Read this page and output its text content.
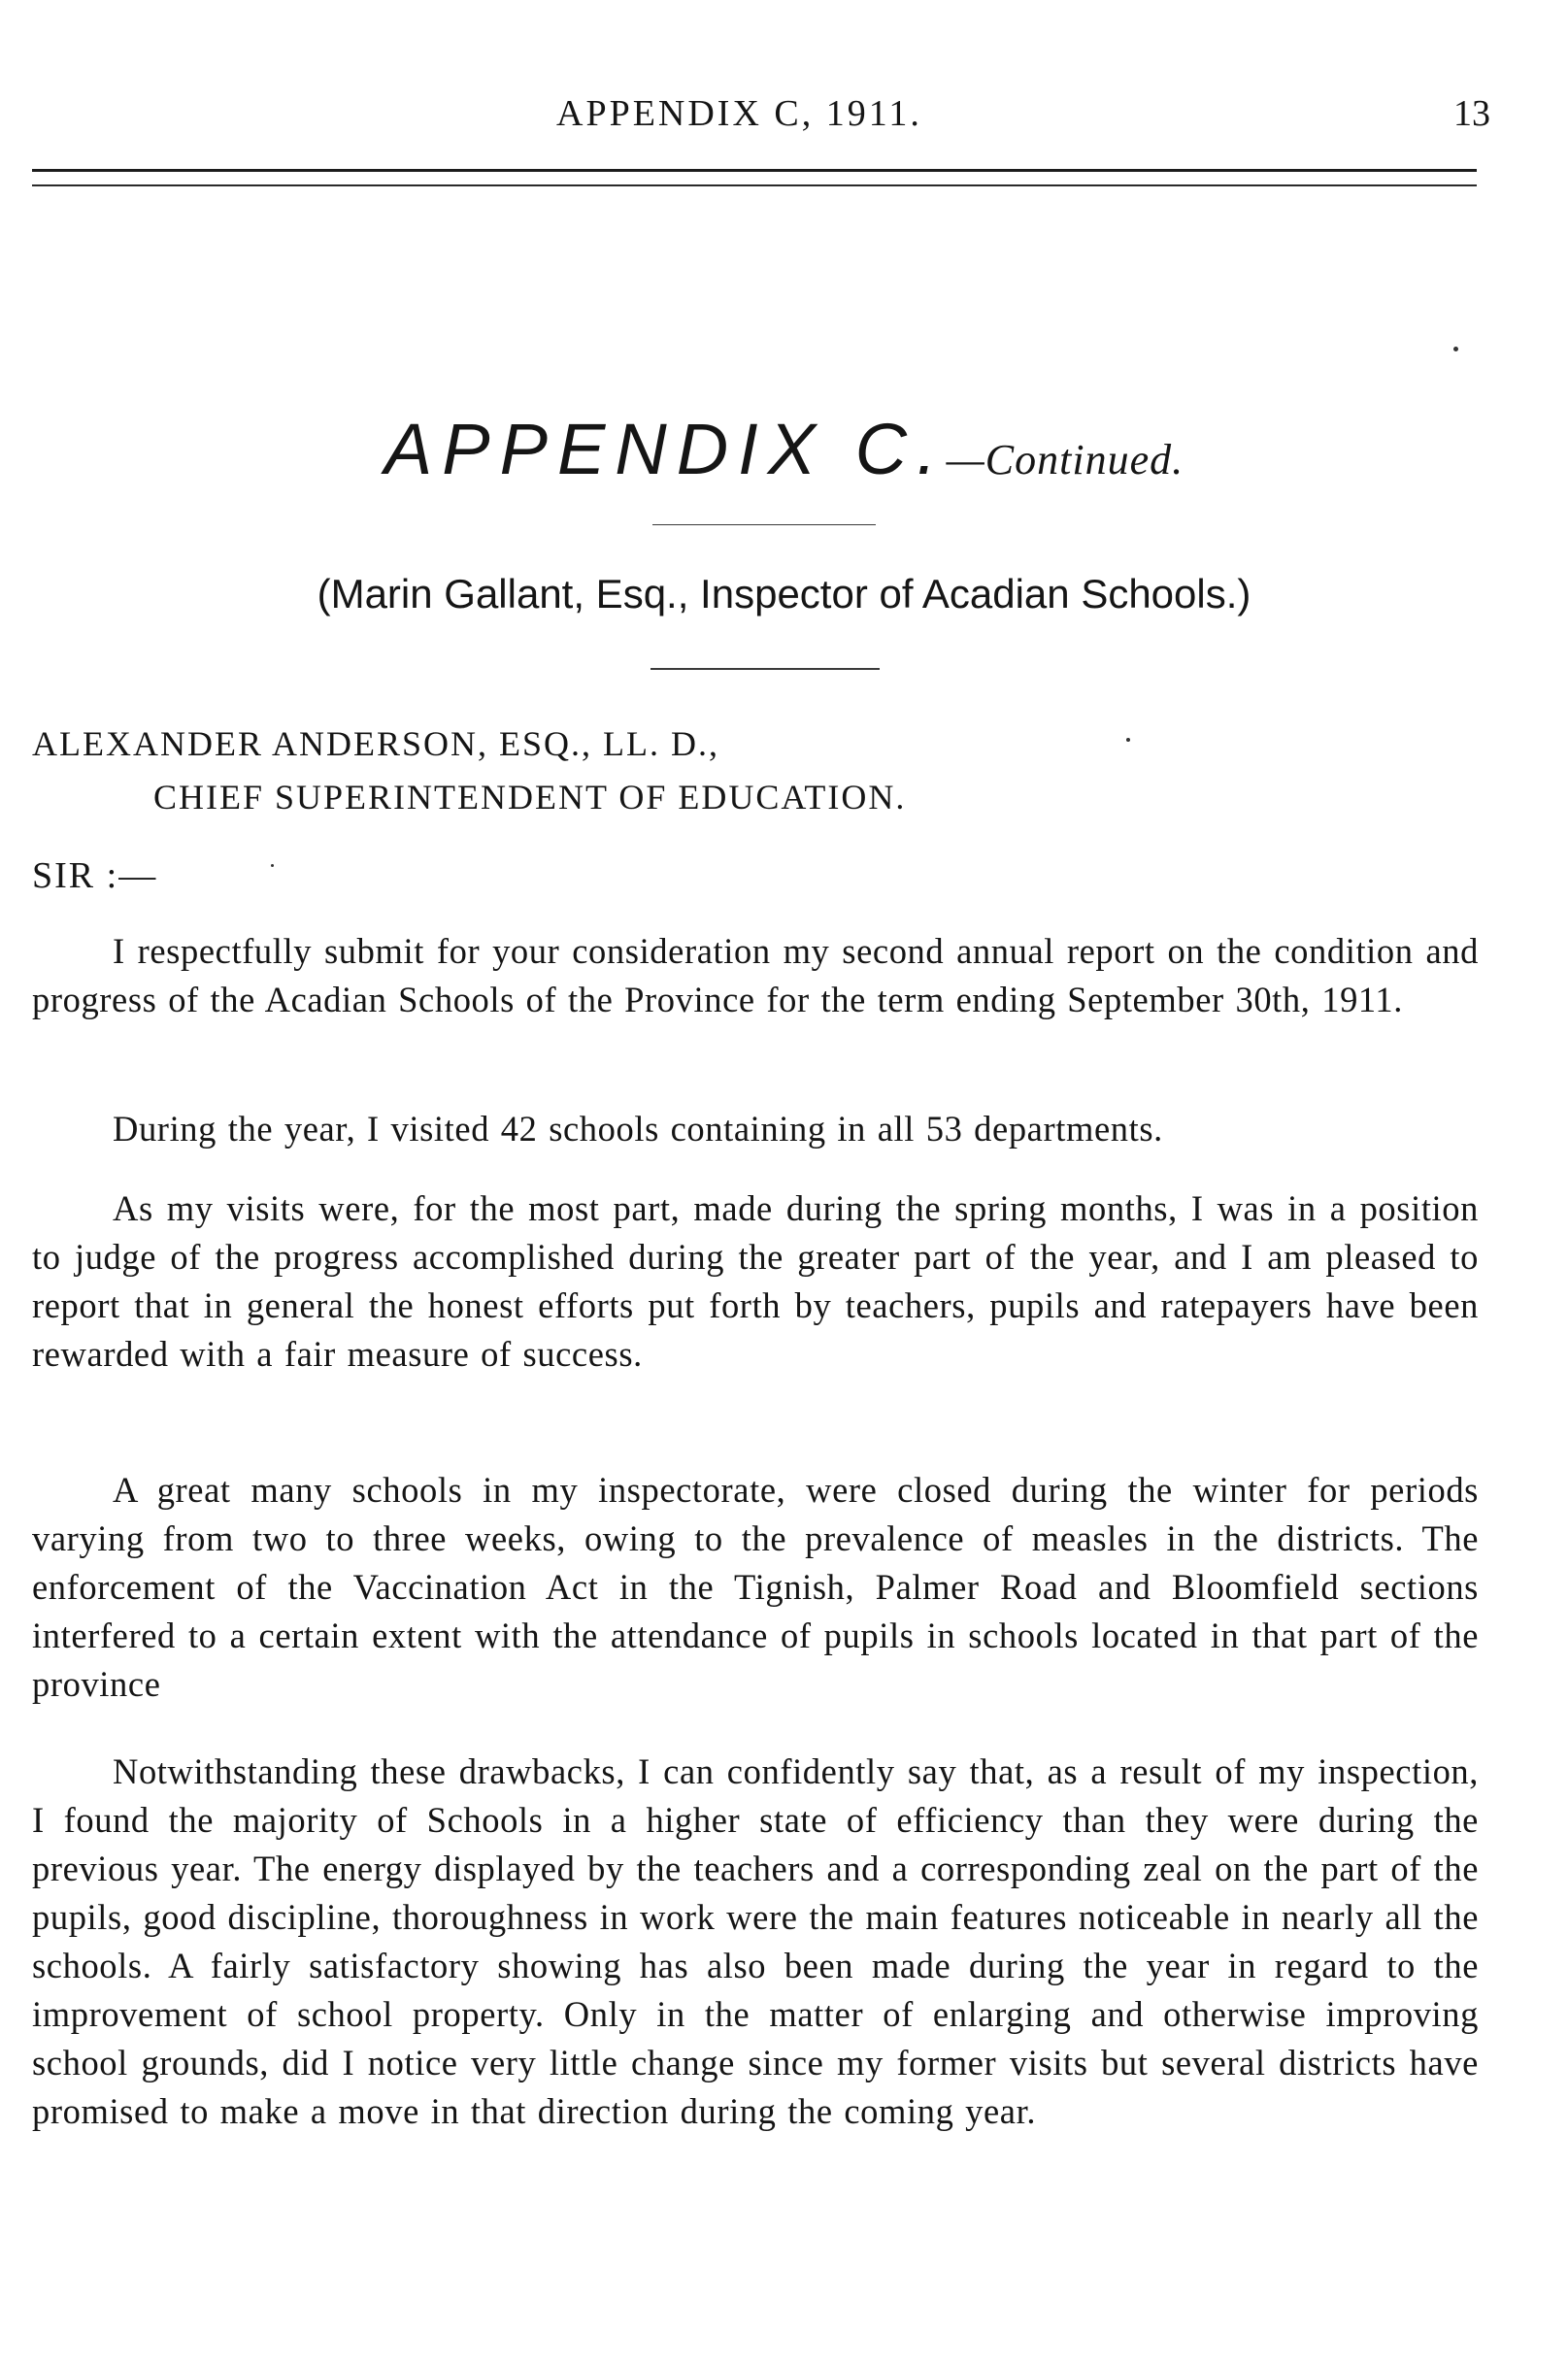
APPENDIX C, 1911.	13
APPENDIX C.—Continued.
(Marin Gallant, Esq., Inspector of Acadian Schools.)
ALEXANDER ANDERSON, ESQ., LL. D.,
CHIEF SUPERINTENDENT OF EDUCATION.
SIR :—
I respectfully submit for your consideration my second annual report on the condition and progress of the Acadian Schools of the Province for the term ending September 30th, 1911.
During the year, I visited 42 schools containing in all 53 departments.
As my visits were, for the most part, made during the spring months, I was in a position to judge of the progress accomplished during the greater part of the year, and I am pleased to report that in general the honest efforts put forth by teachers, pupils and ratepayers have been rewarded with a fair measure of success.
A great many schools in my inspectorate, were closed during the winter for periods varying from two to three weeks, owing to the prevalence of measles in the districts. The enforcement of the Vaccination Act in the Tignish, Palmer Road and Bloomfield sections interfered to a certain extent with the attendance of pupils in schools located in that part of the province
Notwithstanding these drawbacks, I can confidently say that, as a result of my inspection, I found the majority of Schools in a higher state of efficiency than they were during the previous year. The energy displayed by the teachers and a corresponding zeal on the part of the pupils, good discipline, thoroughness in work were the main features noticeable in nearly all the schools. A fairly satisfactory showing has also been made during the year in regard to the improvement of school property. Only in the matter of enlarging and otherwise improving school grounds, did I notice very little change since my former visits but several districts have promised to make a move in that direction during the coming year.
